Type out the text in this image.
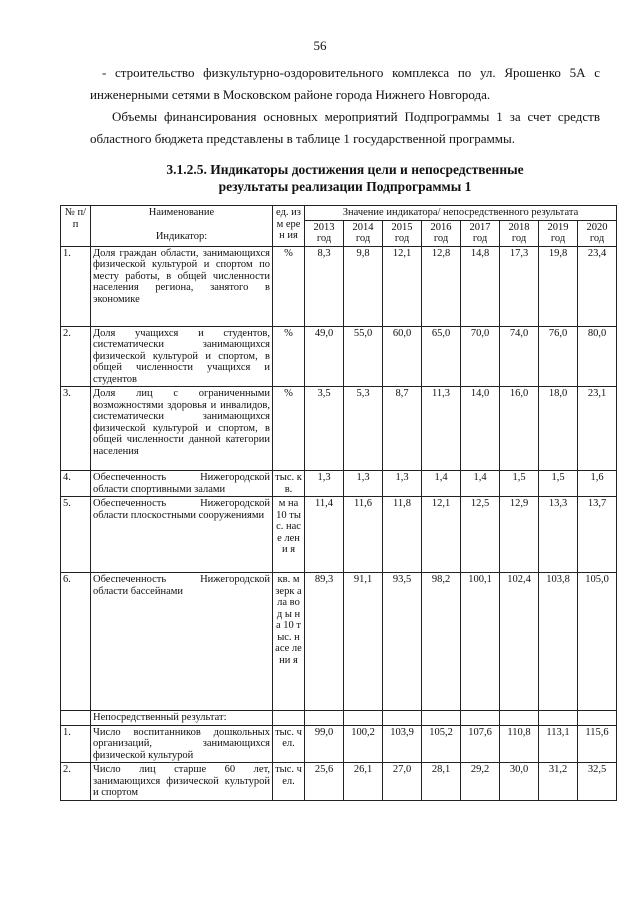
56
- строительство физкультурно-оздоровительного комплекса по ул. Ярошенко 5А с инженерными сетями в Московском районе города Нижнего Новгорода.
Объемы финансирования основных мероприятий Подпрограммы 1 за счет средств областного бюджета представлены в таблице 1 государственной программы.
3.1.2.5. Индикаторы достижения цели и непосредственные
результаты реализации Подпрограммы 1
№ п/п	Наименование	ед. изм ерен ия	Значение индикатора/ непосредственного результата							
	Индикатор:		2013 год	2014 год	2015 год	2016 год	2017 год	2018 год	2019 год	2020 год
1.	Доля граждан области, занимающихся физической культурой и спортом по месту работы, в общей численности населения региона, занятого в экономике	%	8,3	9,8	12,1	12,8	14,8	17,3	19,8	23,4
2.	Доля учащихся и студентов, систематически занимающихся физической культурой и спортом, в общей численности учащихся и студентов	%	49,0	55,0	60,0	65,0	70,0	74,0	76,0	80,0
3.	Доля лиц с ограниченными возможностями здоровья и инвалидов, систематически занимающихся физической культурой и спортом, в общей численности данной категории населения	%	3,5	5,3	8,7	11,3	14,0	16,0	18,0	23,1
4.	Обеспеченность Нижегородской области спортивными залами	тыс. кв.	1,3	1,3	1,3	1,4	1,4	1,5	1,5	1,6
5.	Обеспеченность Нижегородской области плоскостными сооружениями	м на 10 тыс. насе лени я	11,4	11,6	11,8	12,1	12,5	12,9	13,3	13,7
6.	Обеспеченность Нижегородской области бассейнами	кв. м зерк ала вод ы на 10 тыс. насе лени я	89,3	91,1	93,5	98,2	100,1	102,4	103,8	105,0
	Непосредственный результат:									
1.	Число воспитанников дошкольных организаций, занимающихся физической культурой	тыс. чел.	99,0	100,2	103,9	105,2	107,6	110,8	113,1	115,6
2.	Число лиц старше 60 лет, занимающихся физической культурой и спортом	тыс. чел.	25,6	26,1	27,0	28,1	29,2	30,0	31,2	32,5
